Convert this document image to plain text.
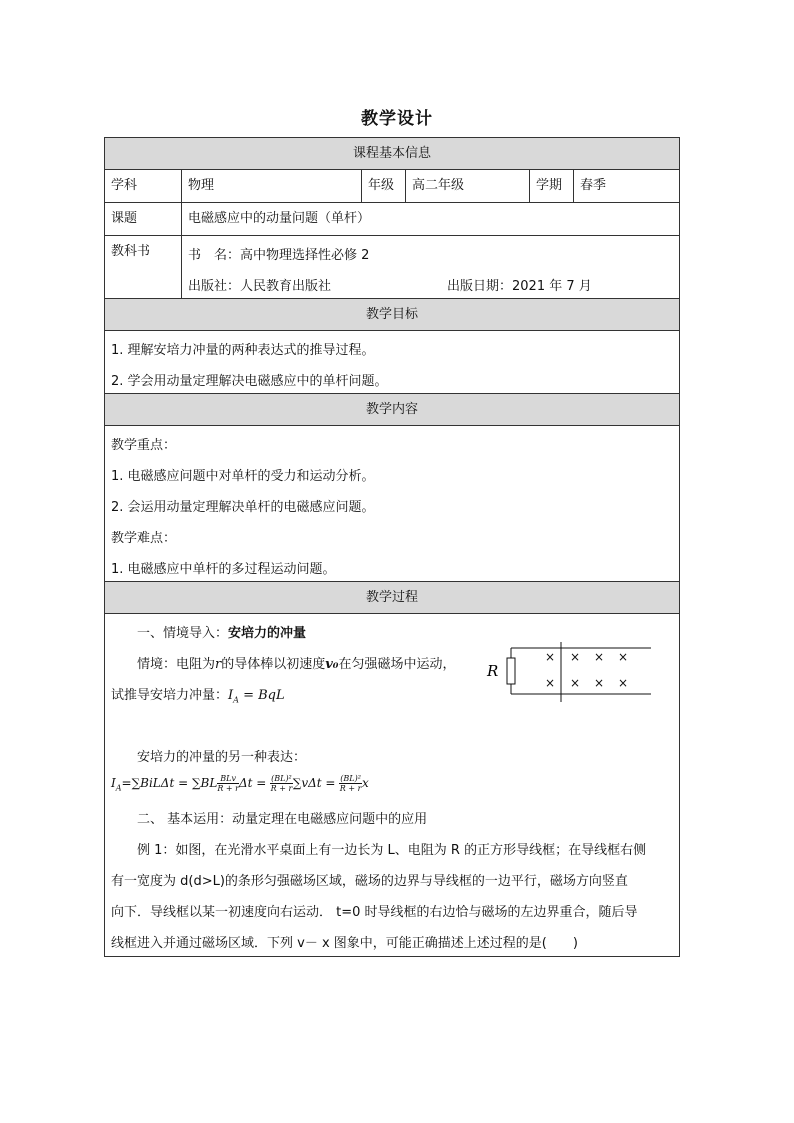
教学设计
课程基本信息
学科	物理	年级	高二年级	学期	春季
课题	电磁感应中的动量问题（单杆）
教科书	书　名：高中物理选择性必修 2
出版社：人民教育出版社	出版日期：2021 年 7 月
教学目标
1. 理解安培力冲量的两种表达式的推导过程。
2. 学会用动量定理解决电磁感应中的单杆问题。
教学内容
教学重点：
1. 电磁感应问题中对单杆的受力和运动分析。
2. 会运用动量定理解决单杆的电磁感应问题。
教学难点：
1. 电磁感应中单杆的多过程运动问题。
教学过程
一、情境导入：安培力的冲量
情境：电阻为r的导体棒以初速度v₀在匀强磁场中运动，
试推导安培力冲量：$I_A$ = BqL
R
× × × ×
× × × ×
安培力的冲量的另一种表达：
$I_A=\sum BiL\Delta t = \sum BL \frac{\text{BLv}}{R + r}$ $\Delta t = \frac{\text{(BL)²}}{R + r} \sum v\Delta t = \frac{\text{(BL)²}}{R + r}$ x
二、 基本运用：动量定理在电磁感应问题中的应用
例 1：如图，在光滑水平桌面上有一边长为 L、电阻为 R 的正方形导线框；在导线框右侧
有一宽度为 d(d>L)的条形匀强磁场区域，磁场的边界与导线框的一边平行，磁场方向竖直
向下．导线框以某一初速度向右运动． t=0 时导线框的右边恰与磁场的左边界重合，随后导
线框进入并通过磁场区域．下列 v－ x 图象中，可能正确描述上述过程的是(　　)
